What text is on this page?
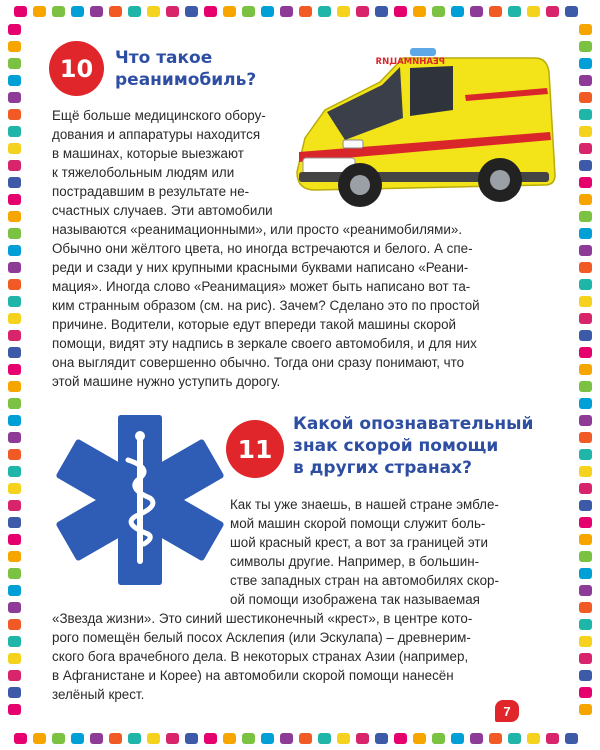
10	Что такое
реанимобиль?
РЕАНИМАЦИЯ
Ещё больше медицинского обору-
дования и аппаратуры находится
в машинах, которые выезжают
к тяжелобольным людям или
пострадавшим в результате не-
счастных случаев. Эти автомобили
называются «реанимационными», или просто «реанимобилями».
Обычно они жёлтого цвета, но иногда встречаются и белого. А спе-
реди и сзади у них крупными красными буквами написано «Реани-
мация». Иногда слово «Реанимация» может быть написано вот та-
ким странным образом (см. на рис). Зачем? Сделано это по простой
причине. Водители, которые едут впереди такой машины скорой
помощи, видят эту надпись в зеркале своего автомобиля, и для них
она выглядит совершенно обычно. Тогда они сразу понимают, что
этой машине нужно уступить дорогу.
11
Какой опознавательный
знак скорой помощи
в других странах?
Как ты уже знаешь, в нашей стране эмбле-
мой машин скорой помощи служит боль-
шой красный крест, а вот за границей эти
символы другие. Например, в большин-
стве западных стран на автомобилях скор-
ой помощи изображена так называемая
«Звезда жизни». Это синий шестиконечный «крест», в центре кото-
рого помещён белый посох Асклепия (или Эскулапа) – древнерим-
ского бога врачебного дела. В некоторых странах Азии (например,
в Афганистане и Корее) на автомобили скорой помощи нанесён
зелёный крест.
7
